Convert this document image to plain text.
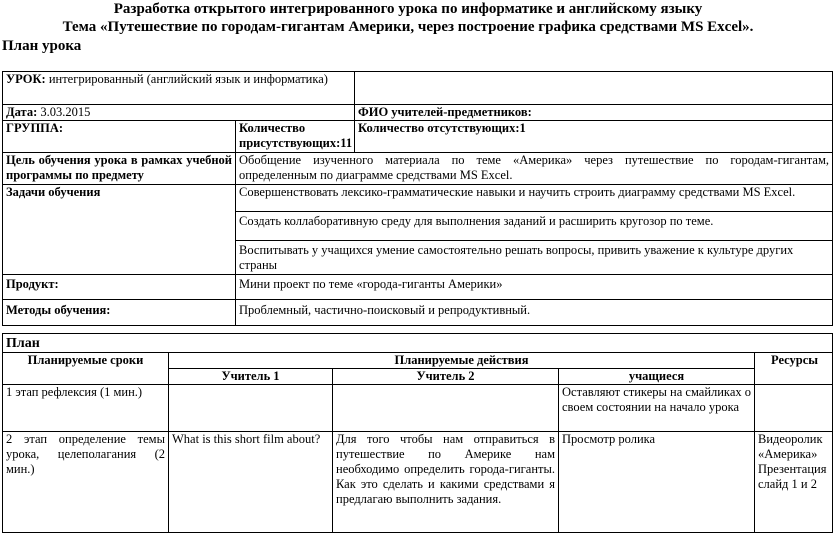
Разработка открытого интегрированного урока по информатике и английскому языку
Тема «Путешествие по городам-гигантам Америки, через построение графика средствами MS Excel».
План урока
УРОК: интегрированный (английский язык и информатика)		
Дата: 3.03.2015		ФИО учителей-предметников:
ГРУППА:	Количество присутствующих:11	Количество отсутствующих:1
Цель обучения урока в рамках учебной программы по предмету	Обобщение изученного материала по теме «Америка» через путешествие по городам-гигантам, определенным по диаграмме средствами MS Excel.	
Задачи обучения	Совершенствовать лексико-грамматические навыки и научить строить диаграмму средствами MS Excel.	
	Создать коллаборативную среду для выполнения заданий и расширить кругозор по теме.	
	Воспитывать у учащихся умение самостоятельно решать вопросы, привить уважение к культуре других страны	
Продукт:	Мини проект по теме «города-гиганты Америки»	
Методы обучения:	Проблемный, частично-поисковый и репродуктивный.	
План				
Планируемые сроки	Планируемые действия			Ресурсы
	Учитель 1	Учитель 2	учащиеся	
1 этап рефлексия (1 мин.)			Оставляют стикеры на смайликах о своем состоянии на начало урока	
2 этап определение темы урока, целеполагания (2 мин.)	What is this short film about?	Для того чтобы нам отправиться в путешествие по Америке нам необходимо определить города-гиганты. Как это сделать и какими средствами я предлагаю выполнить задания.	Просмотр ролика	Видеоролик «Америка» Презентация слайд 1 и 2
